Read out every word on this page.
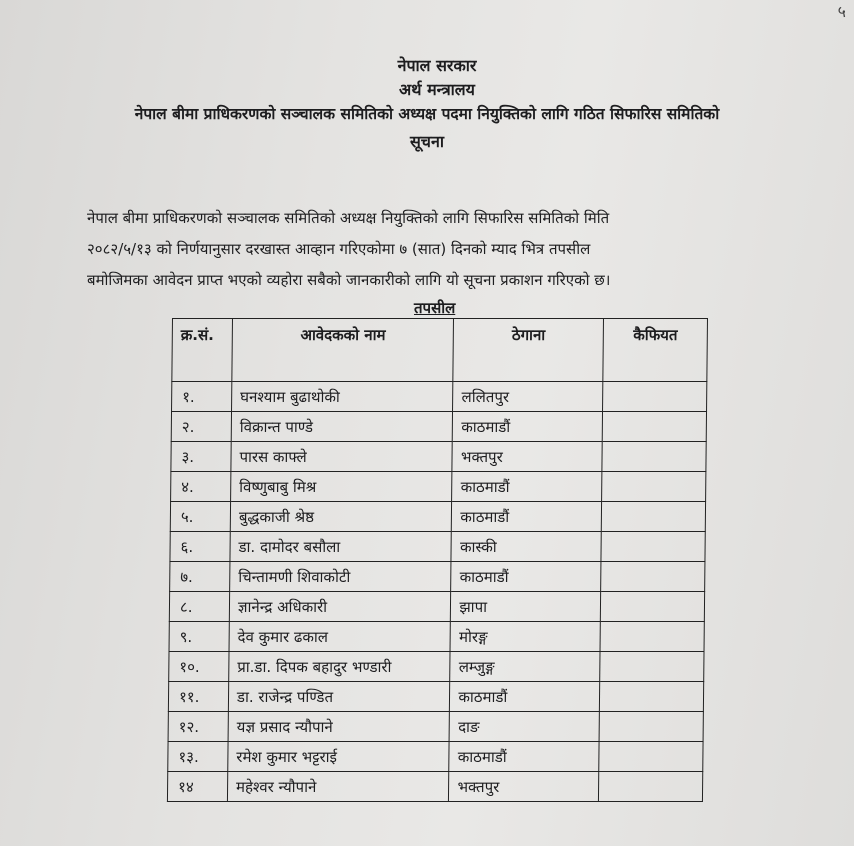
५
नेपाल सरकार
अर्थ मन्त्रालय
नेपाल बीमा प्राधिकरणको सञ्चालक समितिको अध्यक्ष पदमा नियुक्तिको लागि गठित सिफारिस समितिको
सूचना
नेपाल बीमा प्राधिकरणको सञ्चालक समितिको अध्यक्ष नियुक्तिको लागि सिफारिस समितिको मिति
२०८२/५/१३ को निर्णयानुसार दरखास्त आव्हान गरिएकोमा ७ (सात) दिनको म्याद भित्र तपसील
बमोजिमका आवेदन प्राप्त भएको व्यहोरा सबैको जानकारीको लागि यो सूचना प्रकाशन गरिएको छ।
तपसील
क्र.सं.	आवेदकको नाम	ठेगाना	कैफियत
१.	घनश्याम बुढाथोकी	ललितपुर	
२.	विक्रान्त पाण्डे	काठमाडौं	
३.	पारस काफ्ले	भक्तपुर	
४.	विष्णुबाबु मिश्र	काठमाडौं	
५.	बुद्धकाजी श्रेष्ठ	काठमाडौं	
६.	डा. दामोदर बसौला	कास्की	
७.	चिन्तामणी शिवाकोटी	काठमाडौं	
८.	ज्ञानेन्द्र अधिकारी	झापा	
९.	देव कुमार ढकाल	मोरङ्ग	
१०.	प्रा.डा. दिपक बहादुर भण्डारी	लम्जुङ्ग	
११.	डा. राजेन्द्र पण्डित	काठमाडौं	
१२.	यज्ञ प्रसाद न्यौपाने	दाङ	
१३.	रमेश कुमार भट्टराई	काठमाडौं	
१४	महेश्वर न्यौपाने	भक्तपुर	
